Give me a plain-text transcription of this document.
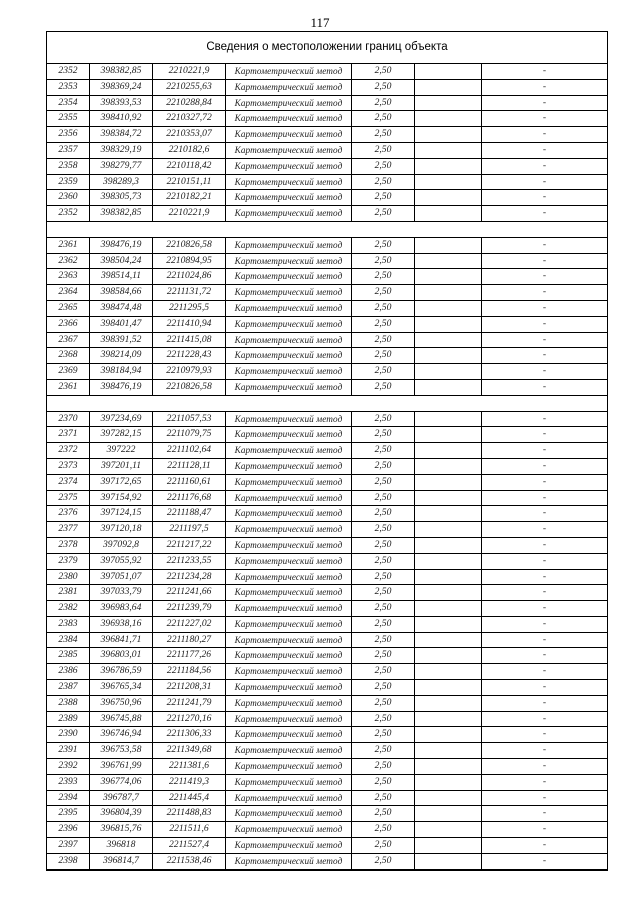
117
Сведения о местоположении границ объекта
2352	398382,85	2210221,9	Картометрический метод	2,50		-
2353	398369,24	2210255,63	Картометрический метод	2,50		-
2354	398393,53	2210288,84	Картометрический метод	2,50		-
2355	398410,92	2210327,72	Картометрический метод	2,50		-
2356	398384,72	2210353,07	Картометрический метод	2,50		-
2357	398329,19	2210182,6	Картометрический метод	2,50		-
2358	398279,77	2210118,42	Картометрический метод	2,50		-
2359	398289,3	2210151,11	Картометрический метод	2,50		-
2360	398305,73	2210182,21	Картометрический метод	2,50		-
2352	398382,85	2210221,9	Картометрический метод	2,50		-

2361	398476,19	2210826,58	Картометрический метод	2,50		-
2362	398504,24	2210894,95	Картометрический метод	2,50		-
2363	398514,11	2211024,86	Картометрический метод	2,50		-
2364	398584,66	2211131,72	Картометрический метод	2,50		-
2365	398474,48	2211295,5	Картометрический метод	2,50		-
2366	398401,47	2211410,94	Картометрический метод	2,50		-
2367	398391,52	2211415,08	Картометрический метод	2,50		-
2368	398214,09	2211228,43	Картометрический метод	2,50		-
2369	398184,94	2210979,93	Картометрический метод	2,50		-
2361	398476,19	2210826,58	Картометрический метод	2,50		-

2370	397234,69	2211057,53	Картометрический метод	2,50		-
2371	397282,15	2211079,75	Картометрический метод	2,50		-
2372	397222	2211102,64	Картометрический метод	2,50		-
2373	397201,11	2211128,11	Картометрический метод	2,50		-
2374	397172,65	2211160,61	Картометрический метод	2,50		-
2375	397154,92	2211176,68	Картометрический метод	2,50		-
2376	397124,15	2211188,47	Картометрический метод	2,50		-
2377	397120,18	2211197,5	Картометрический метод	2,50		-
2378	397092,8	2211217,22	Картометрический метод	2,50		-
2379	397055,92	2211233,55	Картометрический метод	2,50		-
2380	397051,07	2211234,28	Картометрический метод	2,50		-
2381	397033,79	2211241,66	Картометрический метод	2,50		-
2382	396983,64	2211239,79	Картометрический метод	2,50		-
2383	396938,16	2211227,02	Картометрический метод	2,50		-
2384	396841,71	2211180,27	Картометрический метод	2,50		-
2385	396803,01	2211177,26	Картометрический метод	2,50		-
2386	396786,59	2211184,56	Картометрический метод	2,50		-
2387	396765,34	2211208,31	Картометрический метод	2,50		-
2388	396750,96	2211241,79	Картометрический метод	2,50		-
2389	396745,88	2211270,16	Картометрический метод	2,50		-
2390	396746,94	2211306,33	Картометрический метод	2,50		-
2391	396753,58	2211349,68	Картометрический метод	2,50		-
2392	396761,99	2211381,6	Картометрический метод	2,50		-
2393	396774,06	2211419,3	Картометрический метод	2,50		-
2394	396787,7	2211445,4	Картометрический метод	2,50		-
2395	396804,39	2211488,83	Картометрический метод	2,50		-
2396	396815,76	2211511,6	Картометрический метод	2,50		-
2397	396818	2211527,4	Картометрический метод	2,50		-
2398	396814,7	2211538,46	Картометрический метод	2,50		-
